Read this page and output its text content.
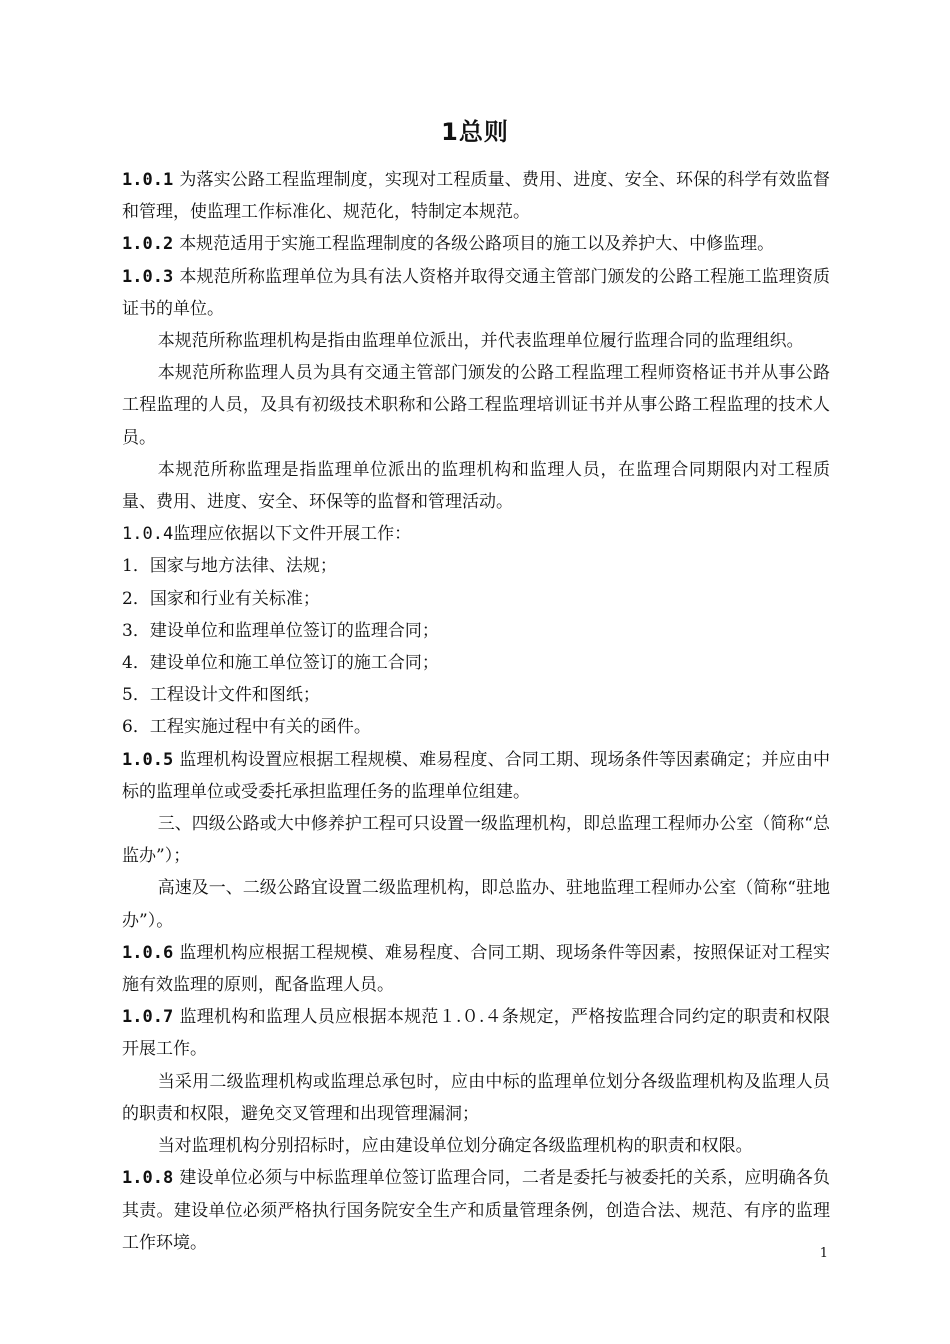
1总则

1.0.1 为落实公路工程监理制度，实现对工程质量、费用、进度、安全、环保的科学有效监督和管理，使监理工作标准化、规范化，特制定本规范。

1.0.2 本规范适用于实施工程监理制度的各级公路项目的施工以及养护大、中修监理。

1.0.3 本规范所称监理单位为具有法人资格并取得交通主管部门颁发的公路工程施工监理资质证书的单位。

本规范所称监理机构是指由监理单位派出，并代表监理单位履行监理合同的监理组织。

本规范所称监理人员为具有交通主管部门颁发的公路工程监理工程师资格证书并从事公路工程监理的人员，及具有初级技术职称和公路工程监理培训证书并从事公路工程监理的技术人员。

本规范所称监理是指监理单位派出的监理机构和监理人员，在监理合同期限内对工程质量、费用、进度、安全、环保等的监督和管理活动。

1.0.4监理应依据以下文件开展工作：

1．国家与地方法律、法规；

2．国家和行业有关标准；

3．建设单位和监理单位签订的监理合同；

4．建设单位和施工单位签订的施工合同；

5．工程设计文件和图纸；

6．工程实施过程中有关的函件。

1.0.5 监理机构设置应根据工程规模、难易程度、合同工期、现场条件等因素确定；并应由中标的监理单位或受委托承担监理任务的监理单位组建。

三、四级公路或大中修养护工程可只设置一级监理机构，即总监理工程师办公室（简称“总监办”）；

高速及一、二级公路宜设置二级监理机构，即总监办、驻地监理工程师办公室（简称“驻地办”）。

1.0.6 监理机构应根据工程规模、难易程度、合同工期、现场条件等因素，按照保证对工程实施有效监理的原则，配备监理人员。

1.0.7 监理机构和监理人员应根据本规范１.０.４条规定，严格按监理合同约定的职责和权限开展工作。

当采用二级监理机构或监理总承包时，应由中标的监理单位划分各级监理机构及监理人员的职责和权限，避免交叉管理和出现管理漏洞；

当对监理机构分别招标时，应由建设单位划分确定各级监理机构的职责和权限。

1.0.8 建设单位必须与中标监理单位签订监理合同，二者是委托与被委托的关系，应明确各负其责。建设单位必须严格执行国务院安全生产和质量管理条例，创造合法、规范、有序的监理工作环境。

1
